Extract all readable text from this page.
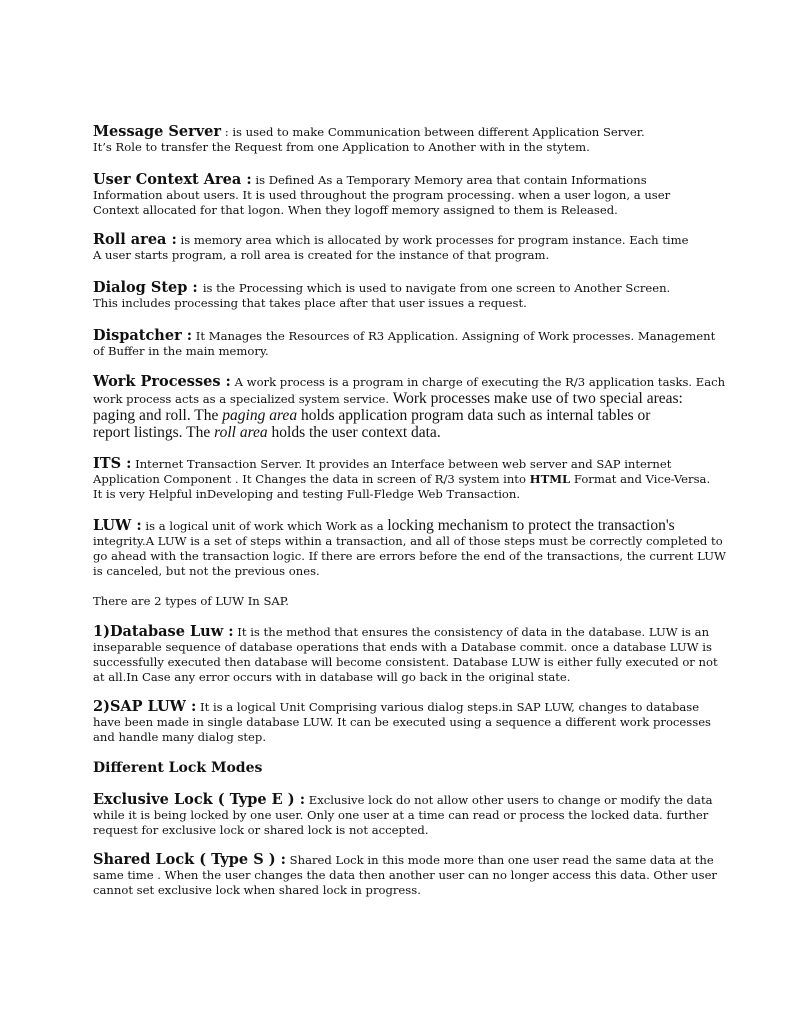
Message Server : is used to make Communication between different Application Server.
It’s Role to transfer the Request from one Application to Another with in the stytem.
User Context Area : is Defined As a Temporary Memory area that contain Informations
Information about users. It is used throughout the program processing. when a user logon, a user
Context allocated for that logon. When they logoff memory assigned to them is Released.
Roll area : is memory area which is allocated by work processes for program instance. Each time
A user starts program, a roll area is created for the instance of that program.
Dialog Step : is the Processing which is used to navigate from one screen to Another Screen.
This includes processing that takes place after that user issues a request.
Dispatcher : It Manages the Resources of R3 Application. Assigning of Work processes. Management
of Buffer in the main memory.
Work Processes : A work process is a program in charge of executing the R/3 application tasks. Each
work process acts as a specialized system service. Work processes make use of two special areas:
paging and roll. The paging area holds application program data such as internal tables or
report listings. The roll area holds the user context data.
ITS : Internet Transaction Server. It provides an Interface between web server and SAP internet
Application Component . It Changes the data in screen of R/3 system into HTML Format and Vice-Versa.
It is very Helpful inDeveloping and testing Full-Fledge Web Transaction.
LUW : is a logical unit of work which Work as a locking mechanism to protect the transaction's
integrity.A LUW is a set of steps within a transaction, and all of those steps must be correctly completed to
go ahead with the transaction logic. If there are errors before the end of the transactions, the current LUW
is canceled, but not the previous ones.
There are 2 types of LUW In SAP.
1)Database Luw : It is the method that ensures the consistency of data in the database. LUW is an
inseparable sequence of database operations that ends with a Database commit. once a database LUW is
successfully executed then database will become consistent. Database LUW is either fully executed or not
at all.In Case any error occurs with in database will go back in the original state.
2)SAP LUW : It is a logical Unit Comprising various dialog steps.in SAP LUW, changes to database
have been made in single database LUW. It can be executed using a sequence a different work processes
and handle many dialog step.
Different Lock Modes
Exclusive Lock ( Type E ) : Exclusive lock do not allow other users to change or modify the data
while it is being locked by one user. Only one user at a time can read or process the locked data. further
request for exclusive lock or shared lock is not accepted.
Shared Lock ( Type S ) : Shared Lock in this mode more than one user read the same data at the
same time . When the user changes the data then another user can no longer access this data. Other user
cannot set exclusive lock when shared lock in progress.
